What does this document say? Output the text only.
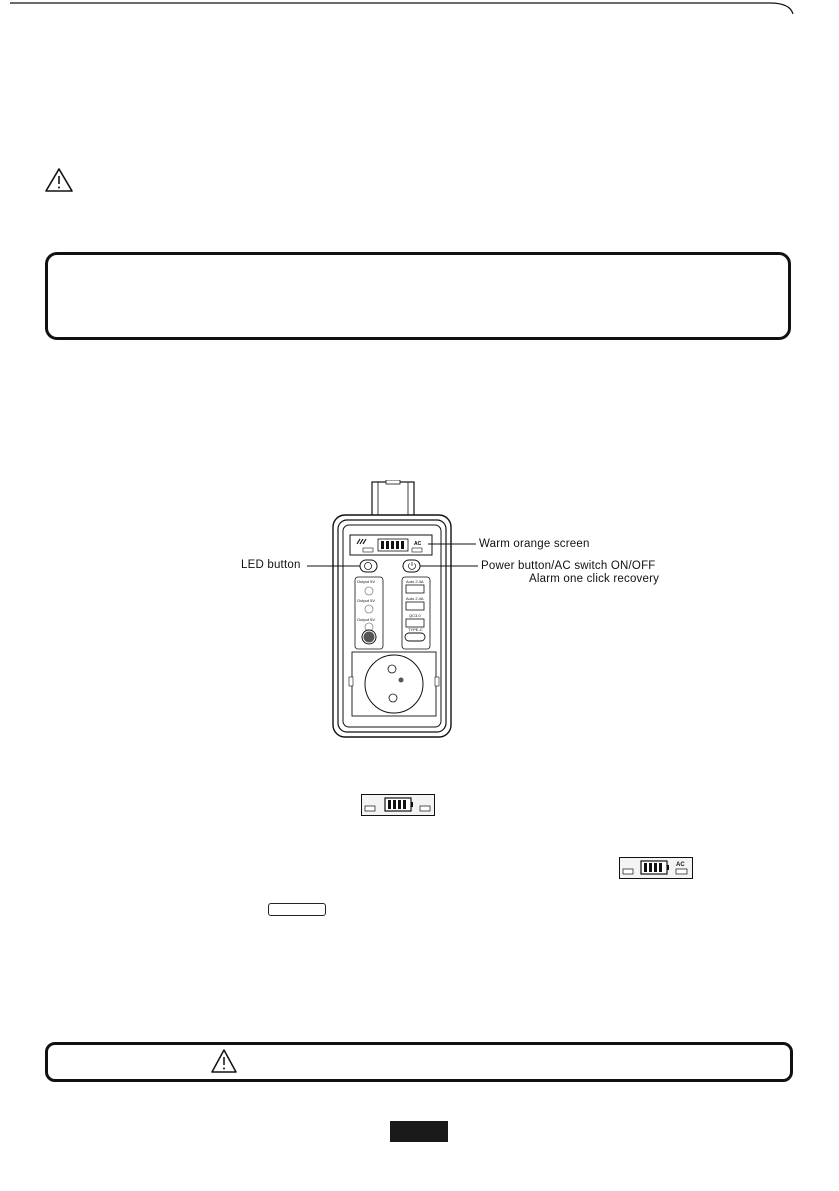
AC
Output 5V
Output 5V
Output 5V
Auto 2.4A
Auto 2.4A
QC3.0
TYPE-C
LED button
Warm orange screen
Power button/AC switch ON/OFF
Alarm one click recovery
AC
